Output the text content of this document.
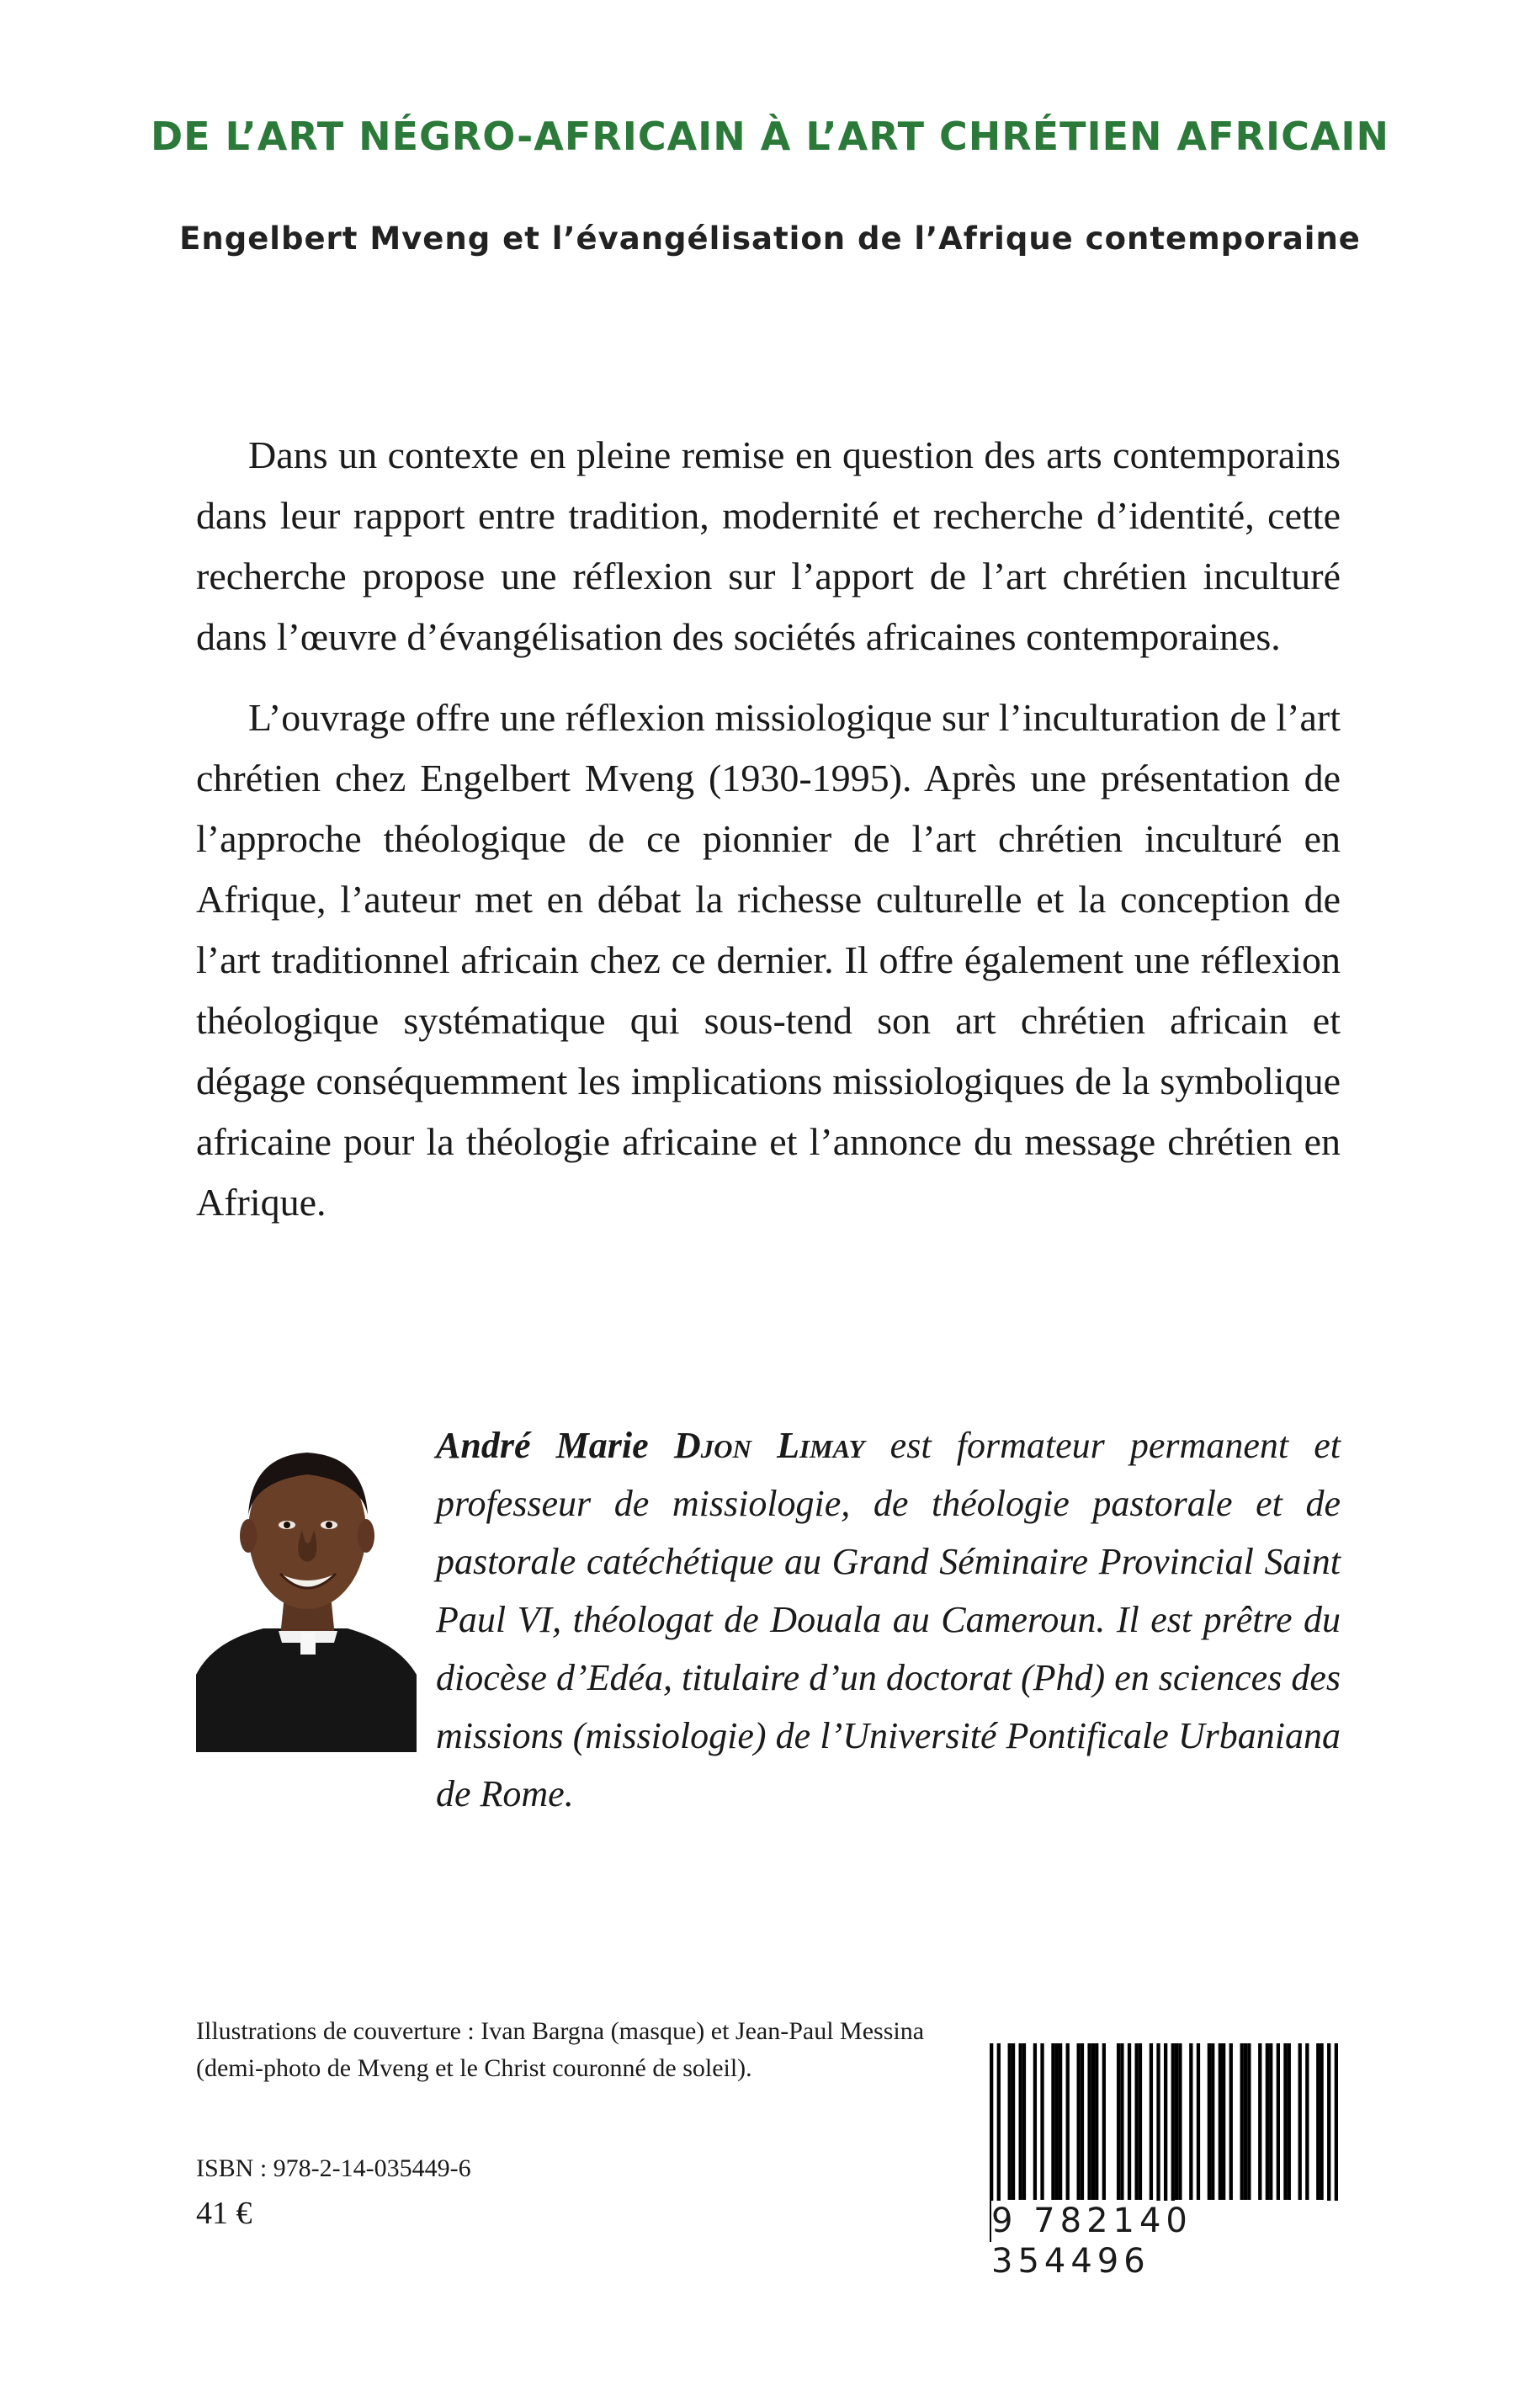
DE L’ART NÉGRO-AFRICAIN À L’ART CHRÉTIEN AFRICAIN
Engelbert Mveng et l’évangélisation de l’Afrique contemporaine

Dans un contexte en pleine remise en question des arts contemporains dans leur rapport entre tradition, modernité et recherche d’identité, cette recherche propose une réflexion sur l’apport de l’art chrétien inculturé dans l’œuvre d’évangélisation des sociétés africaines contemporaines.

L’ouvrage offre une réflexion missiologique sur l’inculturation de l’art chrétien chez Engelbert Mveng (1930-1995). Après une présentation de l’approche théologique de ce pionnier de l’art chrétien inculturé en Afrique, l’auteur met en débat la richesse culturelle et la conception de l’art traditionnel africain chez ce dernier. Il offre également une réflexion théologique systématique qui sous-tend son art chrétien africain et dégage conséquemment les implications missiologiques de la symbolique africaine pour la théologie africaine et l’annonce du message chrétien en Afrique.

André Marie Djon Limay est formateur permanent et professeur de missiologie, de théologie pastorale et de pastorale catéchétique au Grand Séminaire Provincial Saint Paul VI, théologat de Douala au Cameroun. Il est prêtre du diocèse d’Edéa, titulaire d’un doctorat (Phd) en sciences des missions (missiologie) de l’Université Pontificale Urbaniana de Rome.

Illustrations de couverture : Ivan Bargna (masque) et Jean-Paul Messina
(demi-photo de Mveng et le Christ couronné de soleil).

ISBN : 978-2-14-035449-6

41 €	9 782140 354496
